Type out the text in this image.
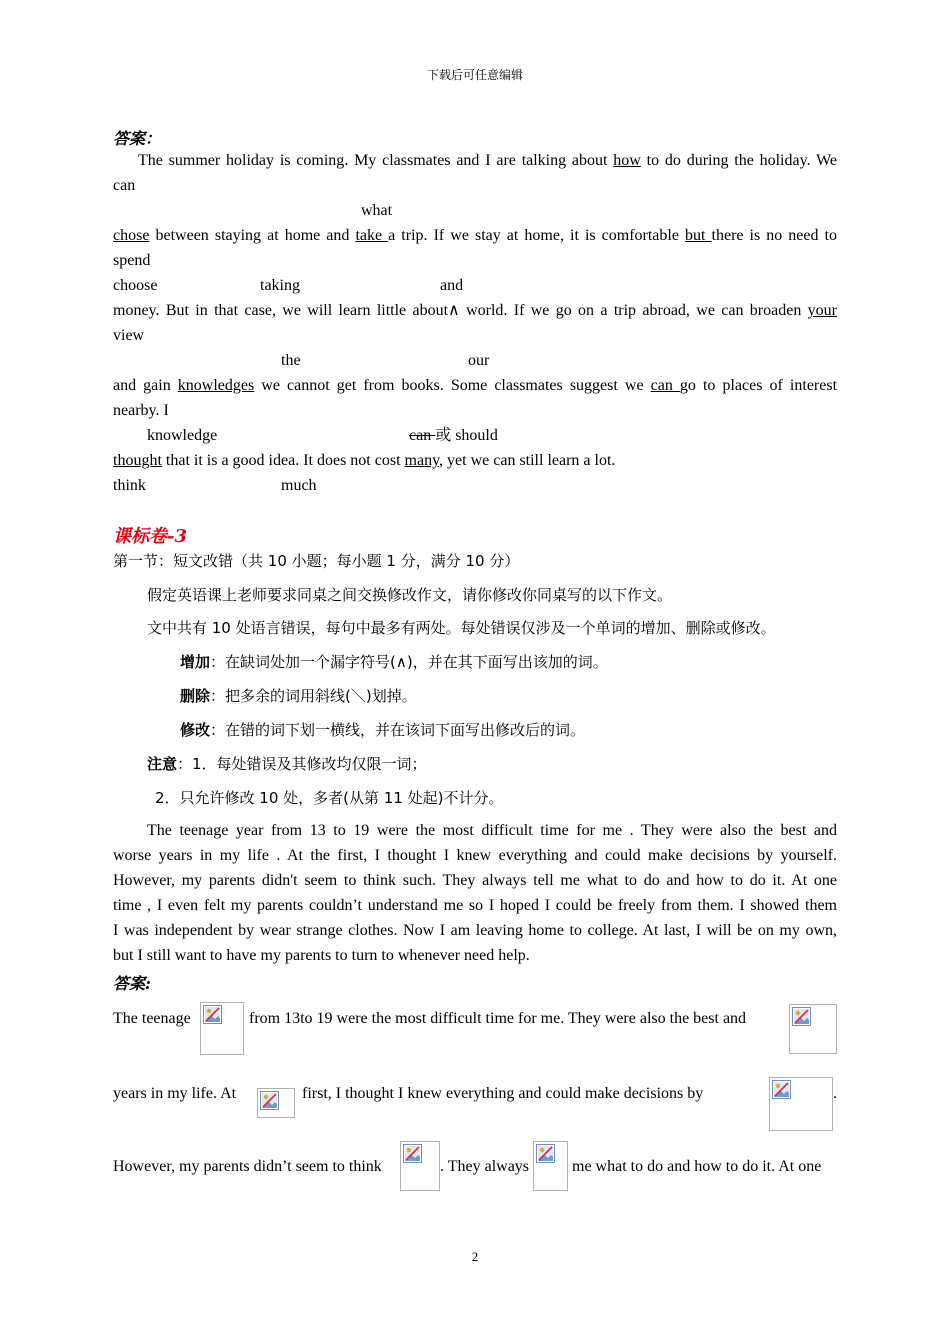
下载后可任意编辑
答案：
The summer holiday is coming. My classmates and I are talking about how to do during the holiday. We
can
what
chose between staying at home and take a trip. If we stay at home, it is comfortable but there is no need to
spend
choose	taking	and
money. But in that case, we will learn little about∧ world. If we go on a trip abroad, we can broaden your
view
the	our
and gain knowledges we cannot get from books. Some classmates suggest we can go to places of interest
nearby. I
knowledge	can 或 should
thought that it is a good idea. It does not cost many, yet we can still learn a lot.
think	much
课标卷-3
第一节：短文改错（共 10 小题；每小题 1 分，满分 10 分）
假定英语课上老师要求同桌之间交换修改作文，请你修改你同桌写的以下作文。
文中共有 10 处语言错误，每句中最多有两处。每处错误仅涉及一个单词的增加、删除或修改。
增加：在缺词处加一个漏字符号(∧)，并在其下面写出该加的词。
删除：把多余的词用斜线(＼)划掉。
修改：在错的词下划一横线，并在该词下面写出修改后的词。
注意：1．每处错误及其修改均仅限一词；
2．只允许修改 10 处，多者(从第 11 处起)不计分。
The teenage year from 13 to 19 were the most difficult time for me . They were also the best and
worse years in my life . At the first, I thought I knew everything and could make decisions by yourself.
However, my parents didn't seem to think such. They always tell me what to do and how to do it. At one
time , I even felt my parents couldn’t understand me so I hoped I could be freely from them. I showed them
I was independent by wear strange clothes. Now I am leaving home to college. At last, I will be on my own,
but I still want to have my parents to turn to whenever need help.
答案:
The teenage	from 13to 19 were the most difficult time for me. They were also the best and
years in my life. At	first, I thought I knew everything and could make decisions by	.
However, my parents didn’t seem to think	. They always	me what to do and how to do it. At one
2
